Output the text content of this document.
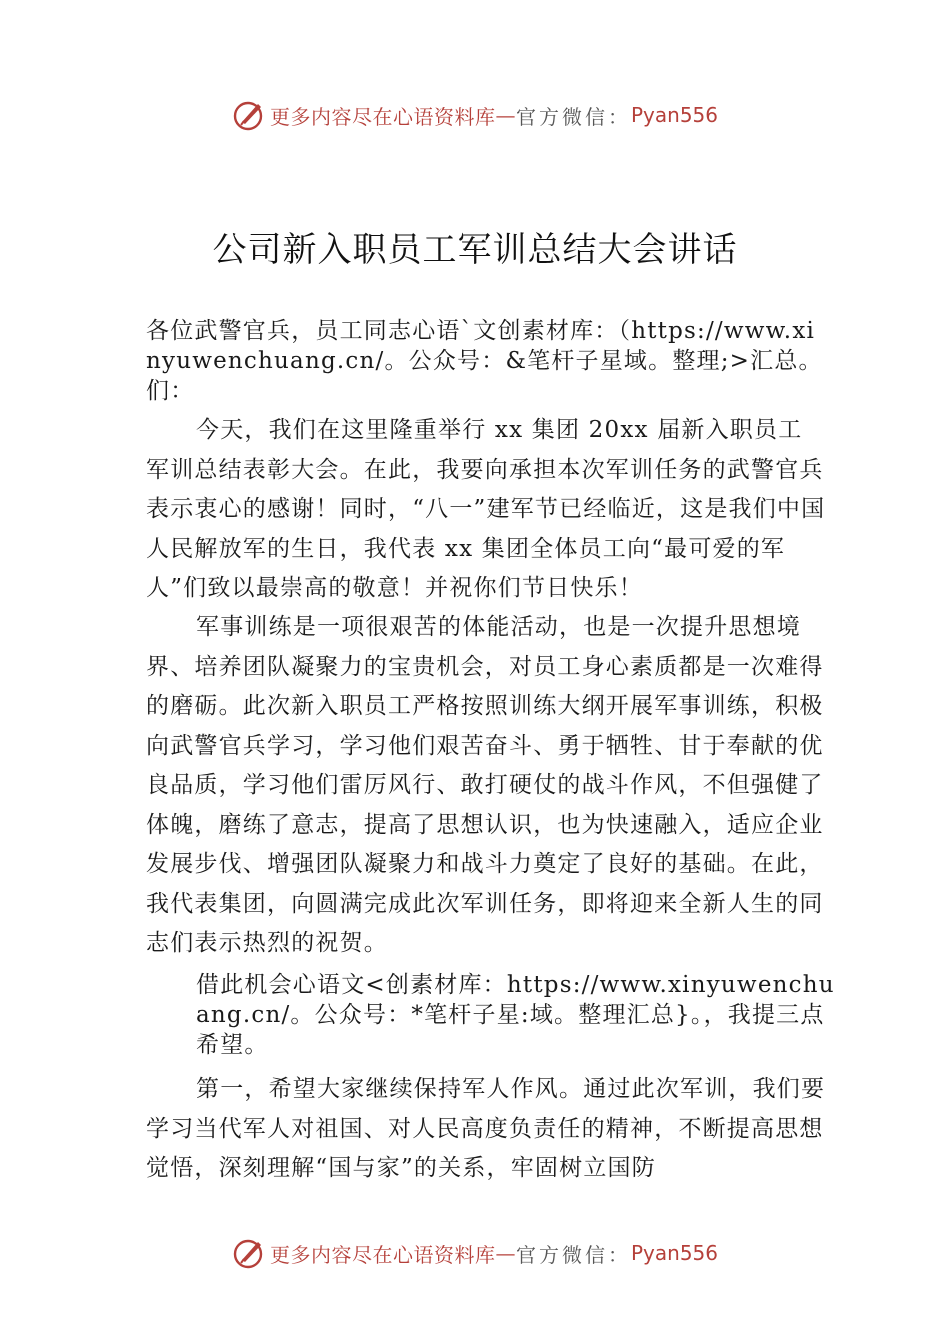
更多内容尽在心语资料库 — 官方微信： Pyan556
公司新入职员工军训总结大会讲话

各位武警官兵，员工同志心语`文创素材库：（https://www.xinyuwenchuang.cn/。公众号：&笔杆子星域。整理;>汇总。们：

今天，我们在这里隆重举行 xx 集团 20xx 届新入职员工军训总结表彰大会。在此，我要向承担本次军训任务的武警官兵表示衷心的感谢！同时，“八一”建军节已经临近，这是我们中国人民解放军的生日，我代表 xx 集团全体员工向“最可爱的军人”们致以最崇高的敬意！并祝你们节日快乐！

军事训练是一项很艰苦的体能活动，也是一次提升思想境界、培养团队凝聚力的宝贵机会，对员工身心素质都是一次难得的磨砺。此次新入职员工严格按照训练大纲开展军事训练，积极向武警官兵学习，学习他们艰苦奋斗、勇于牺牲、甘于奉献的优良品质，学习他们雷厉风行、敢打硬仗的战斗作风，不但强健了体魄，磨练了意志，提高了思想认识，也为快速融入，适应企业发展步伐、增强团队凝聚力和战斗力奠定了良好的基础。在此，我代表集团，向圆满完成此次军训任务，即将迎来全新人生的同志们表示热烈的祝贺。

借此机会心语文<创素材库：https://www.xinyuwenchuang.cn/。公众号：*笔杆子星:域。整理汇总}。，我提三点希望。

第一，希望大家继续保持军人作风。通过此次军训，我们要学习当代军人对祖国、对人民高度负责任的精神，不断提高思想觉悟，深刻理解“国与家”的关系，牢固树立国防

更多内容尽在心语资料库 — 官方微信： Pyan556
